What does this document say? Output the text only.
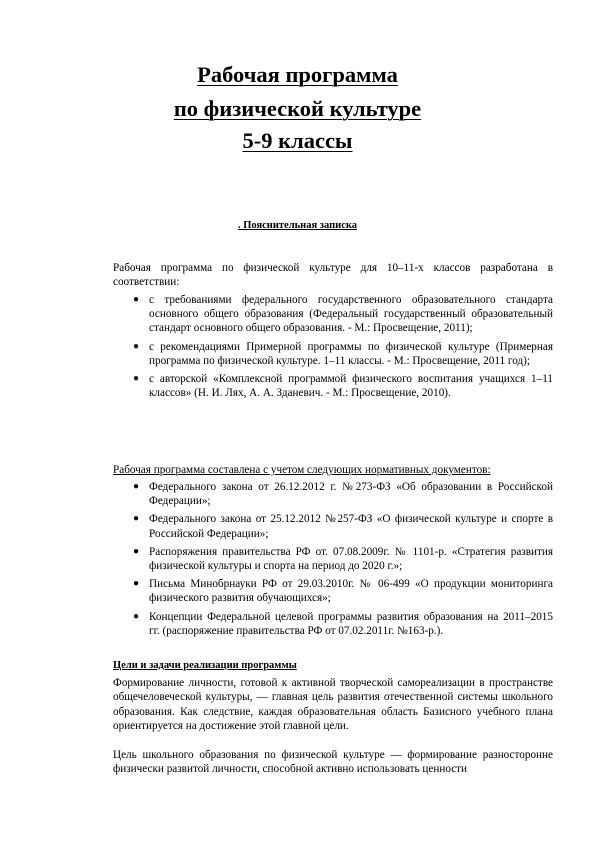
Рабочая программа
по физической культуре
5-9 классы
. Пояснительная записка
Рабочая программа по физической культуре для 10–11-х классов разработана в соответствии:
● с требованиями федерального государственного образовательного стандарта основного общего образования (Федеральный государственный образовательный стандарт основного общего образования. - М.: Просвещение, 2011);
● с рекомендациями Примерной программы по физической культуре (Примерная программа по физической культуре. 1–11 классы. - М.: Просвещение, 2011 год);
● с авторской «Комплексной программой физического воспитания учащихся 1–11 классов» (Н. И. Лях, А. А. Зданевич. - М.: Просвещение, 2010).
Рабочая программа составлена с учетом следующих нормативных документов:
● Федерального закона от 26.12.2012 г. №273-ФЗ «Об образовании в Российской Федерации»;
● Федерального закона от 25.12.2012 №257-ФЗ «О физической культуре и спорте в Российской Федерации»;
● Распоряжения правительства РФ от. 07.08.2009г. № 1101-р. «Стратегия развития физической культуры и спорта на период до 2020 г.»;
● Письма Минобрнауки РФ от 29.03.2010г. № 06-499 «О продукции мониторинга физического развития обучающихся»;
● Концепции Федеральной целевой программы развития образования на 2011–2015 гг. (распоряжение правительства РФ от 07.02.2011г. №163-р.).
Цели и задачи реализации программы
Формирование личности, готовой к активной творческой самореализации в пространстве общечеловеческой культуры, — главная цель развития отечественной системы школьного образования. Как следствие, каждая образовательная область Базисного учебного плана ориентируется на достижение этой главной цели.
Цель школьного образования по физической культуре — формирование разносторонне физически развитой личности, способной активно использовать ценности
